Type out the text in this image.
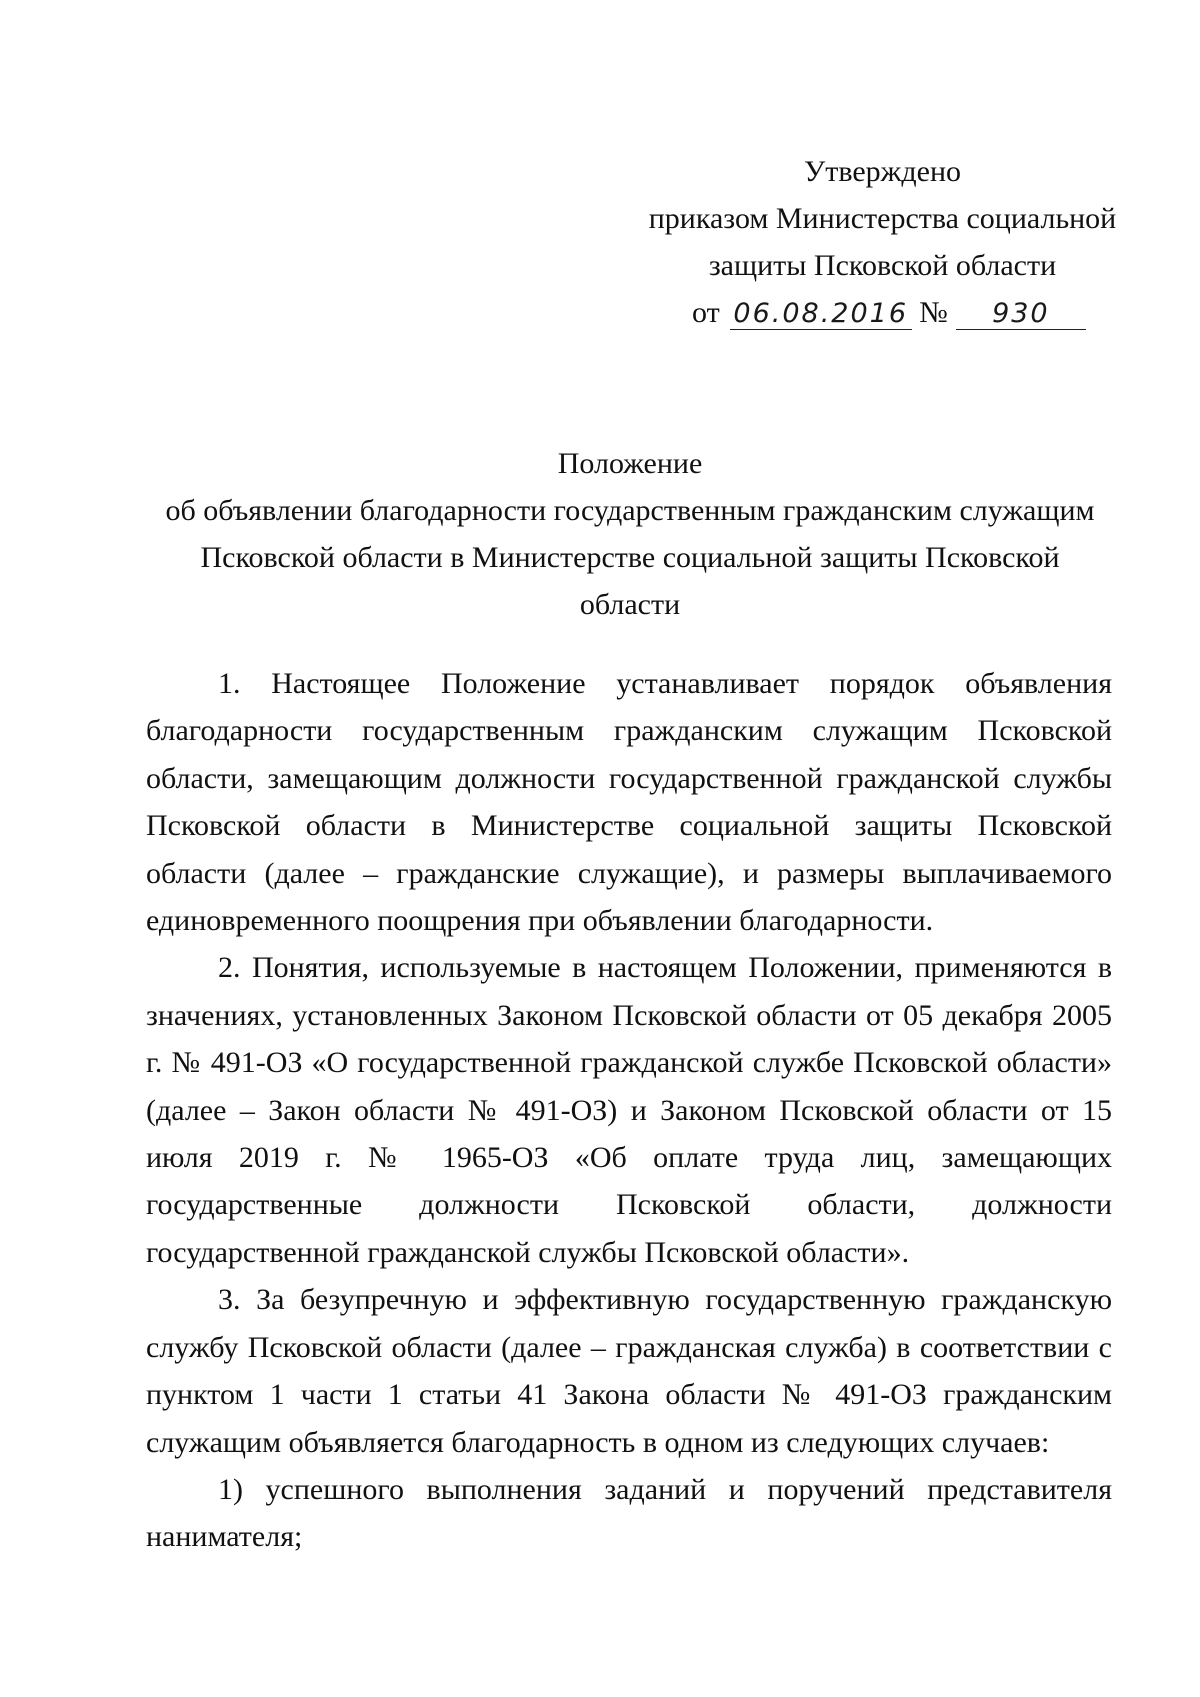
Утверждено
приказом Министерства социальной
защиты Псковской области
от 06.08.2016 № 930
Положение
об объявлении благодарности государственным гражданским служащим
Псковской области в Министерстве социальной защиты Псковской
области

1. Настоящее Положение устанавливает порядок объявления благодарности государственным гражданским служащим Псковской области, замещающим должности государственной гражданской службы Псковской области в Министерстве социальной защиты Псковской области (далее – гражданские служащие), и размеры выплачиваемого единовременного поощрения при объявлении благодарности.

2. Понятия, используемые в настоящем Положении, применяются в значениях, установленных Законом Псковской области от 05 декабря 2005 г. № 491-ОЗ «О государственной гражданской службе Псковской области» (далее – Закон области № 491-ОЗ) и Законом Псковской области от 15 июля 2019 г. № 1965-ОЗ «Об оплате труда лиц, замещающих государственные должности Псковской области, должности государственной гражданской службы Псковской области».

3. За безупречную и эффективную государственную гражданскую службу Псковской области (далее – гражданская служба) в соответствии с пунктом 1 части 1 статьи 41 Закона области № 491-ОЗ гражданским служащим объявляется благодарность в одном из следующих случаев:

1) успешного выполнения заданий и поручений представителя нанимателя;
